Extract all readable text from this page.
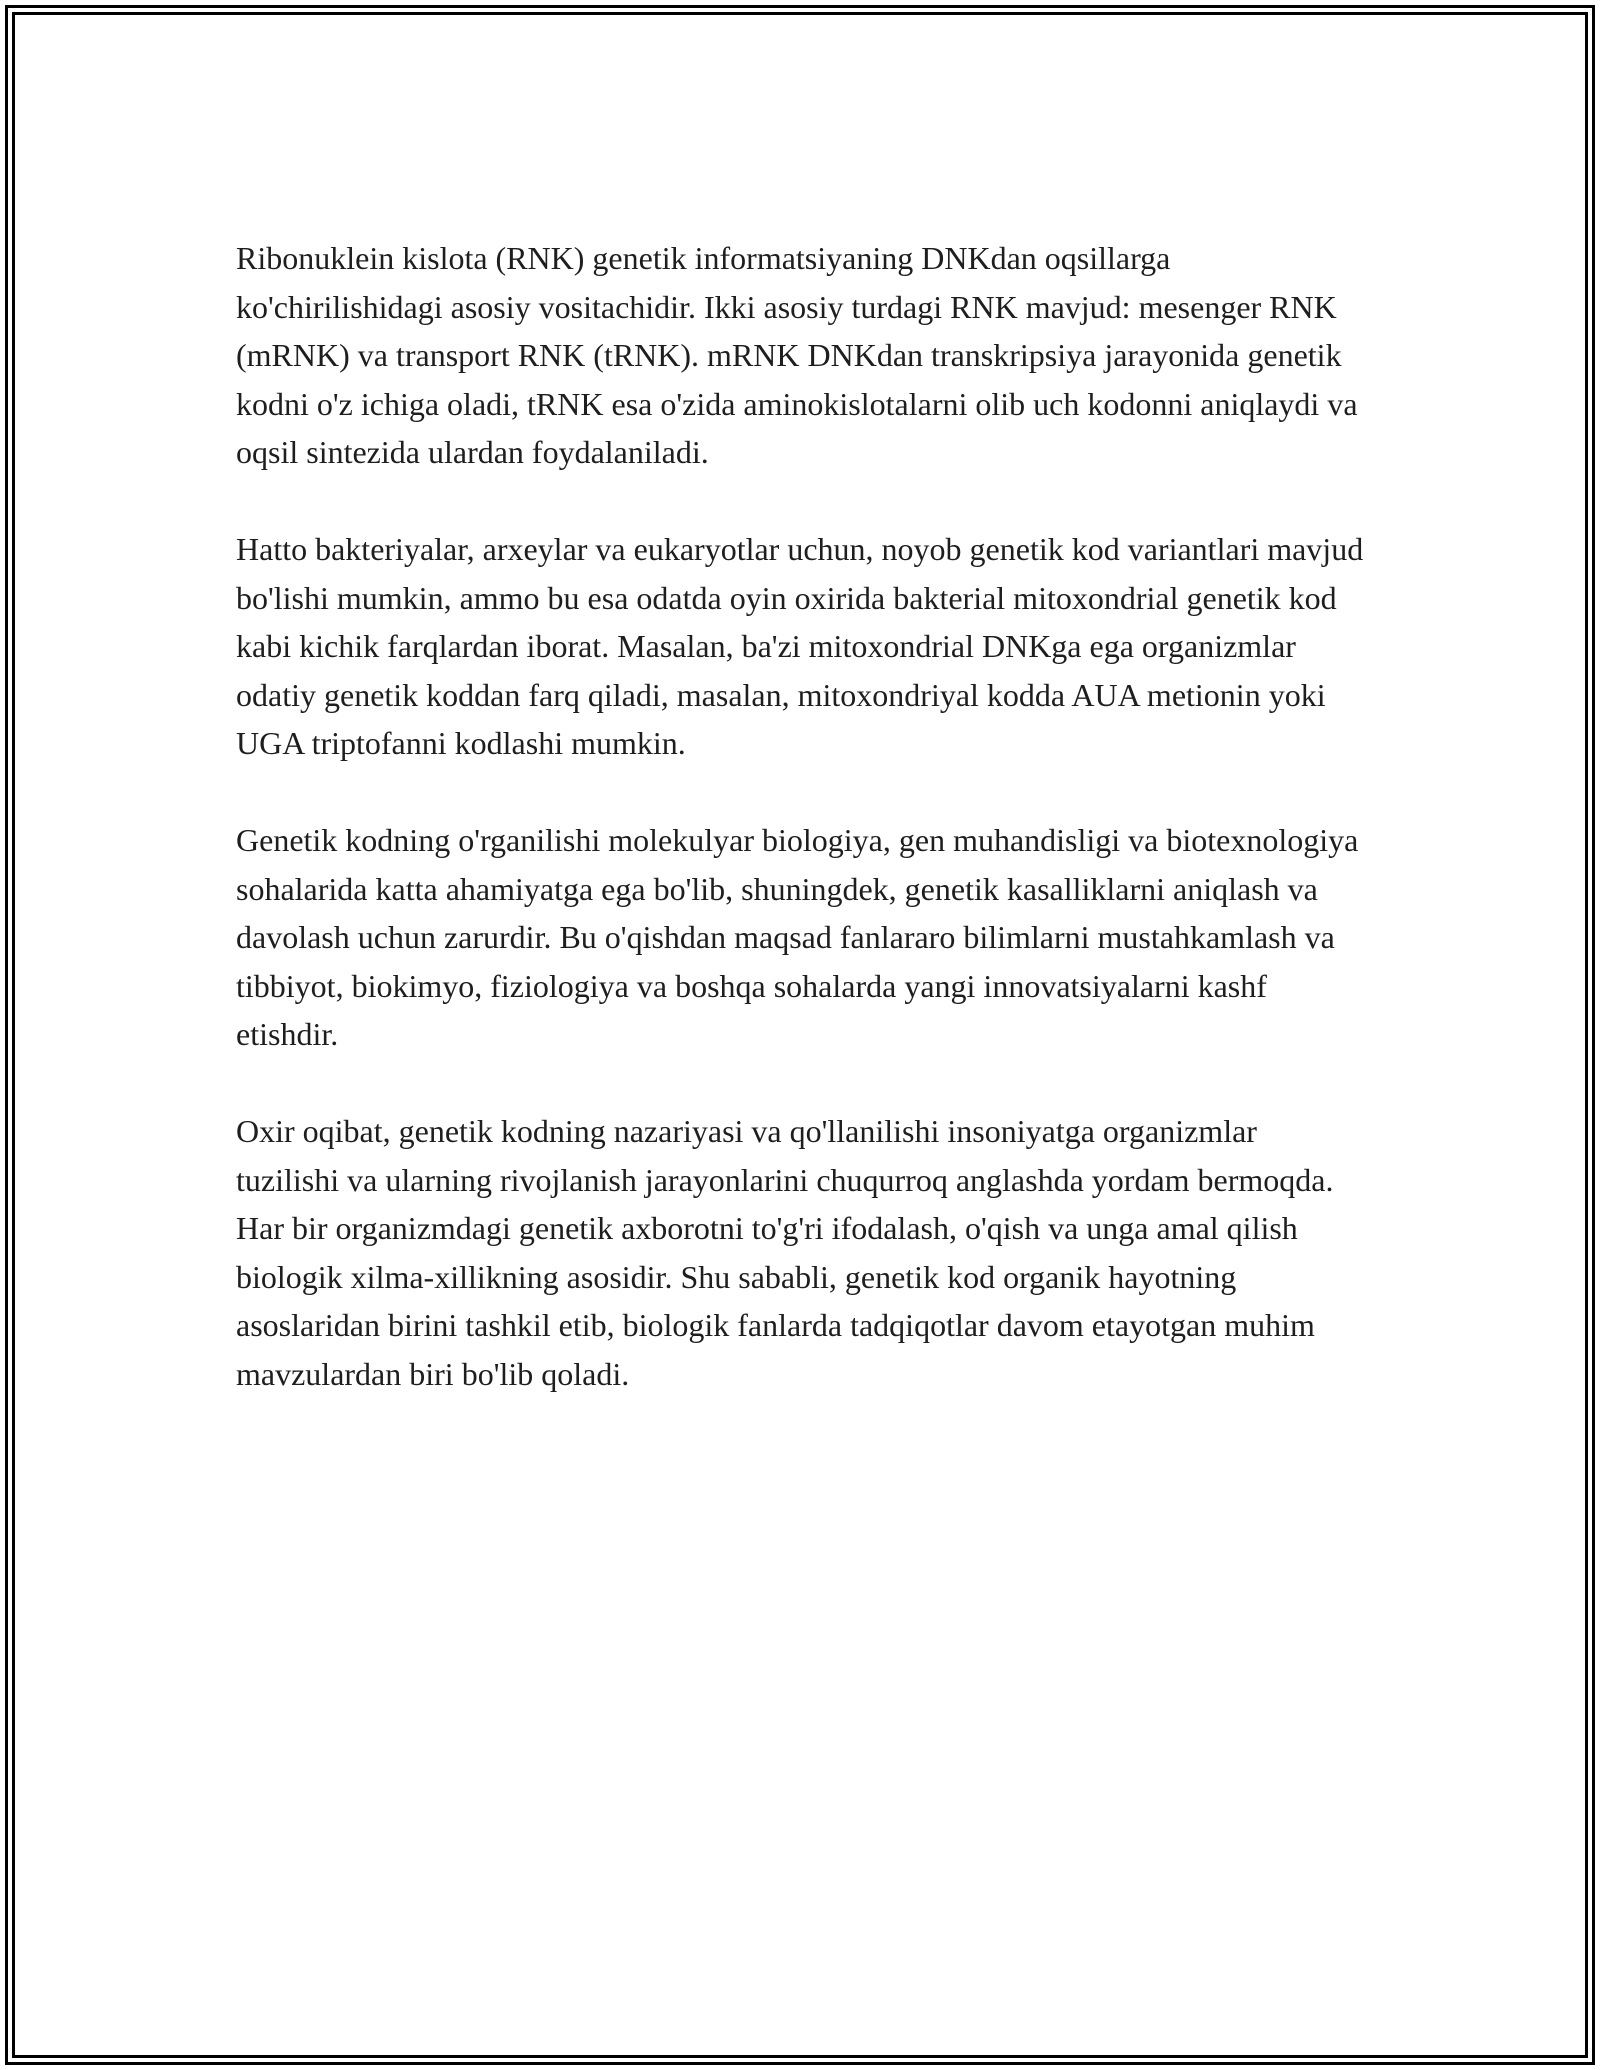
Ribonuklein kislota (RNK) genetik informatsiyaning DNKdan oqsillarga ko'chirilishidagi asosiy vositachidir. Ikki asosiy turdagi RNK mavjud: mesenger RNK (mRNK) va transport RNK (tRNK). mRNK DNKdan transkripsiya jarayonida genetik kodni o'z ichiga oladi, tRNK esa o'zida aminokislotalarni olib uch kodonni aniqlaydi va oqsil sintezida ulardan foydalaniladi.

Hatto bakteriyalar, arxeylar va eukaryotlar uchun, noyob genetik kod variantlari mavjud bo'lishi mumkin, ammo bu esa odatda oyin oxirida bakterial mitoxondrial genetik kod kabi kichik farqlardan iborat. Masalan, ba'zi mitoxondrial DNKga ega organizmlar odatiy genetik koddan farq qiladi, masalan, mitoxondriyal kodda AUA metionin yoki UGA triptofanni kodlashi mumkin.

Genetik kodning o'rganilishi molekulyar biologiya, gen muhandisligi va biotexnologiya sohalarida katta ahamiyatga ega bo'lib, shuningdek, genetik kasalliklarni aniqlash va davolash uchun zarurdir. Bu o'qishdan maqsad fanlararo bilimlarni mustahkamlash va tibbiyot, biokimyo, fiziologiya va boshqa sohalarda yangi innovatsiyalarni kashf etishdir.

Oxir oqibat, genetik kodning nazariyasi va qo'llanilishi insoniyatga organizmlar tuzilishi va ularning rivojlanish jarayonlarini chuqurroq anglashda yordam bermoqda. Har bir organizmdagi genetik axborotni to'g'ri ifodalash, o'qish va unga amal qilish biologik xilma-xillikning asosidir. Shu sababli, genetik kod organik hayotning asoslaridan birini tashkil etib, biologik fanlarda tadqiqotlar davom etayotgan muhim mavzulardan biri bo'lib qoladi.
